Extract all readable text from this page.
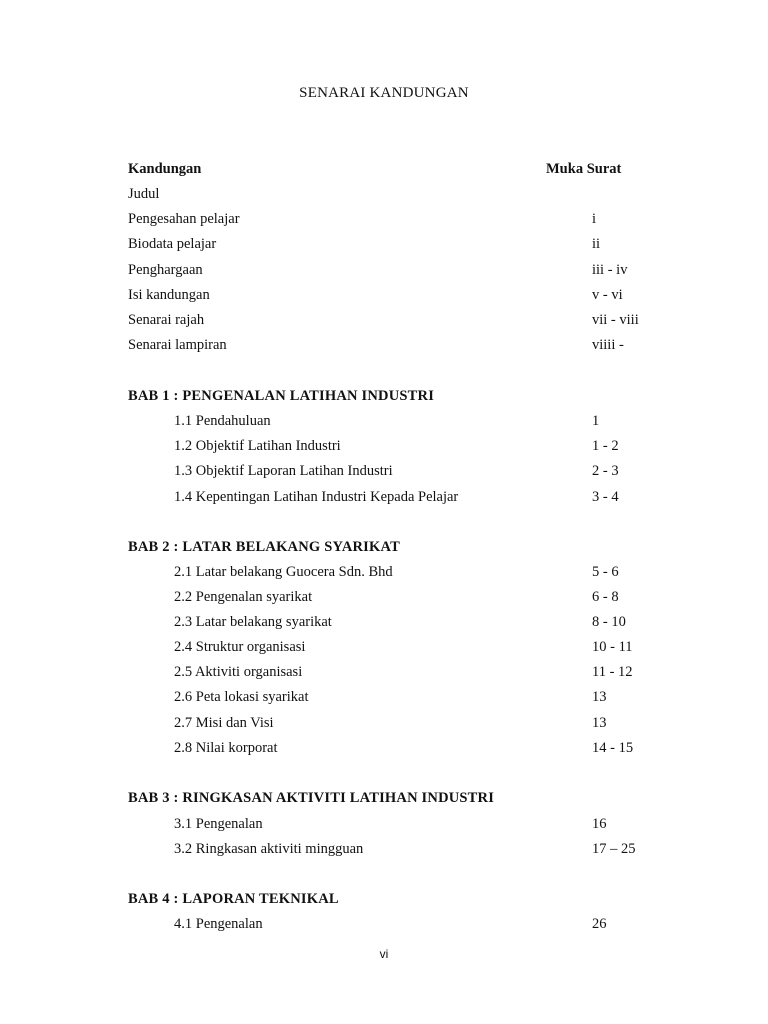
SENARAI KANDUNGAN
Kandungan	Muka Surat
Judul
Pengesahan pelajar	i
Biodata pelajar	ii
Penghargaan	iii - iv
Isi kandungan	v - vi
Senarai rajah	vii - viii
Senarai lampiran	viiii -
BAB 1 : PENGENALAN LATIHAN INDUSTRI
1.1 Pendahuluan	1
1.2 Objektif Latihan Industri	1 - 2
1.3 Objektif Laporan Latihan Industri	2 - 3
1.4 Kepentingan Latihan Industri Kepada Pelajar	3 - 4
BAB 2 : LATAR BELAKANG SYARIKAT
2.1 Latar belakang Guocera Sdn. Bhd	5 - 6
2.2 Pengenalan syarikat	6 - 8
2.3 Latar belakang syarikat	8 - 10
2.4 Struktur organisasi	10 - 11
2.5 Aktiviti organisasi	11 - 12
2.6 Peta lokasi syarikat	13
2.7 Misi dan Visi	13
2.8 Nilai korporat	14 - 15
BAB 3 : RINGKASAN AKTIVITI LATIHAN INDUSTRI
3.1 Pengenalan	16
3.2 Ringkasan aktiviti mingguan	17 – 25
BAB 4 : LAPORAN TEKNIKAL
4.1 Pengenalan	26
vi
